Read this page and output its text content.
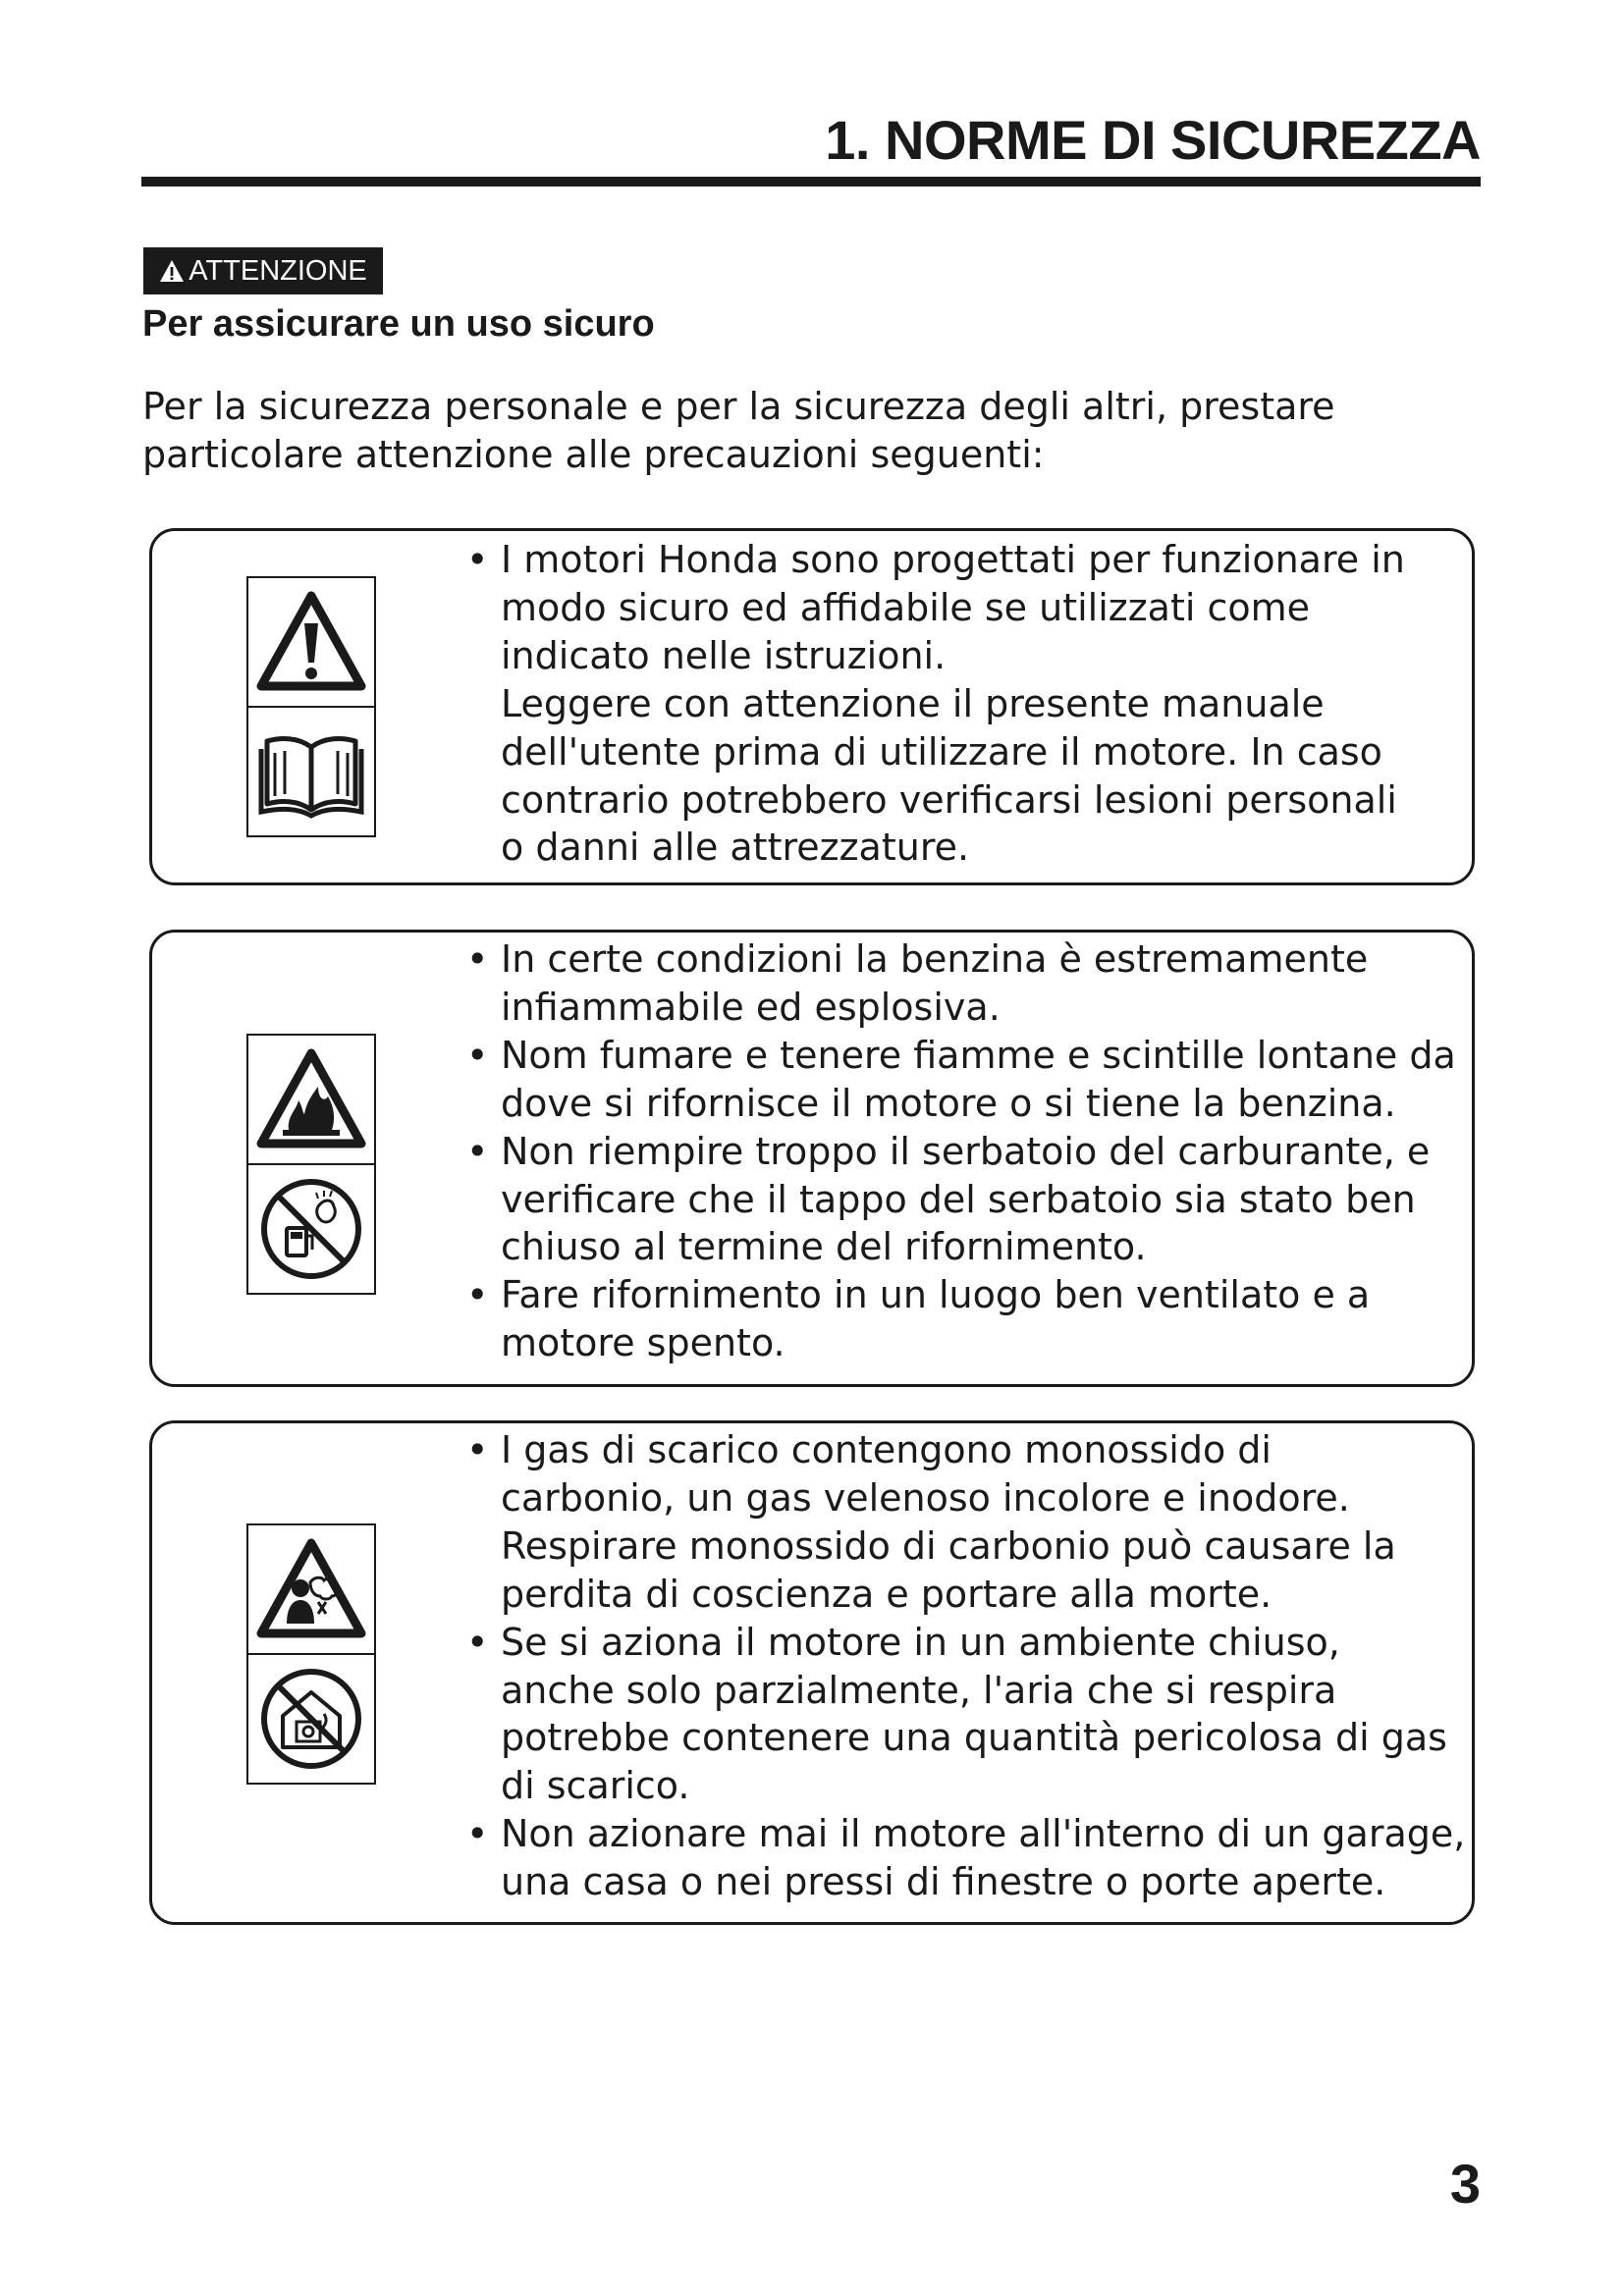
1. NORME DI SICUREZZA
ATTENZIONE
Per assicurare un uso sicuro

Per la sicurezza personale e per la sicurezza degli altri, prestare
particolare attenzione alle precauzioni seguenti:

• I motori Honda sono progettati per funzionare in
modo sicuro ed affidabile se utilizzati come
indicato nelle istruzioni.
Leggere con attenzione il presente manuale
dell'utente prima di utilizzare il motore. In caso
contrario potrebbero verificarsi lesioni personali
o danni alle attrezzature.
• In certe condizioni la benzina è estremamente
infiammabile ed esplosiva.
• Nom fumare e tenere fiamme e scintille lontane da
dove si rifornisce il motore o si tiene la benzina.
• Non riempire troppo il serbatoio del carburante, e
verificare che il tappo del serbatoio sia stato ben
chiuso al termine del rifornimento.
• Fare rifornimento in un luogo ben ventilato e a
motore spento.
• I gas di scarico contengono monossido di
carbonio, un gas velenoso incolore e inodore.
Respirare monossido di carbonio può causare la
perdita di coscienza e portare alla morte.
• Se si aziona il motore in un ambiente chiuso,
anche solo parzialmente, l'aria che si respira
potrebbe contenere una quantità pericolosa di gas
di scarico.
• Non azionare mai il motore all'interno di un garage,
una casa o nei pressi di finestre o porte aperte.

3
